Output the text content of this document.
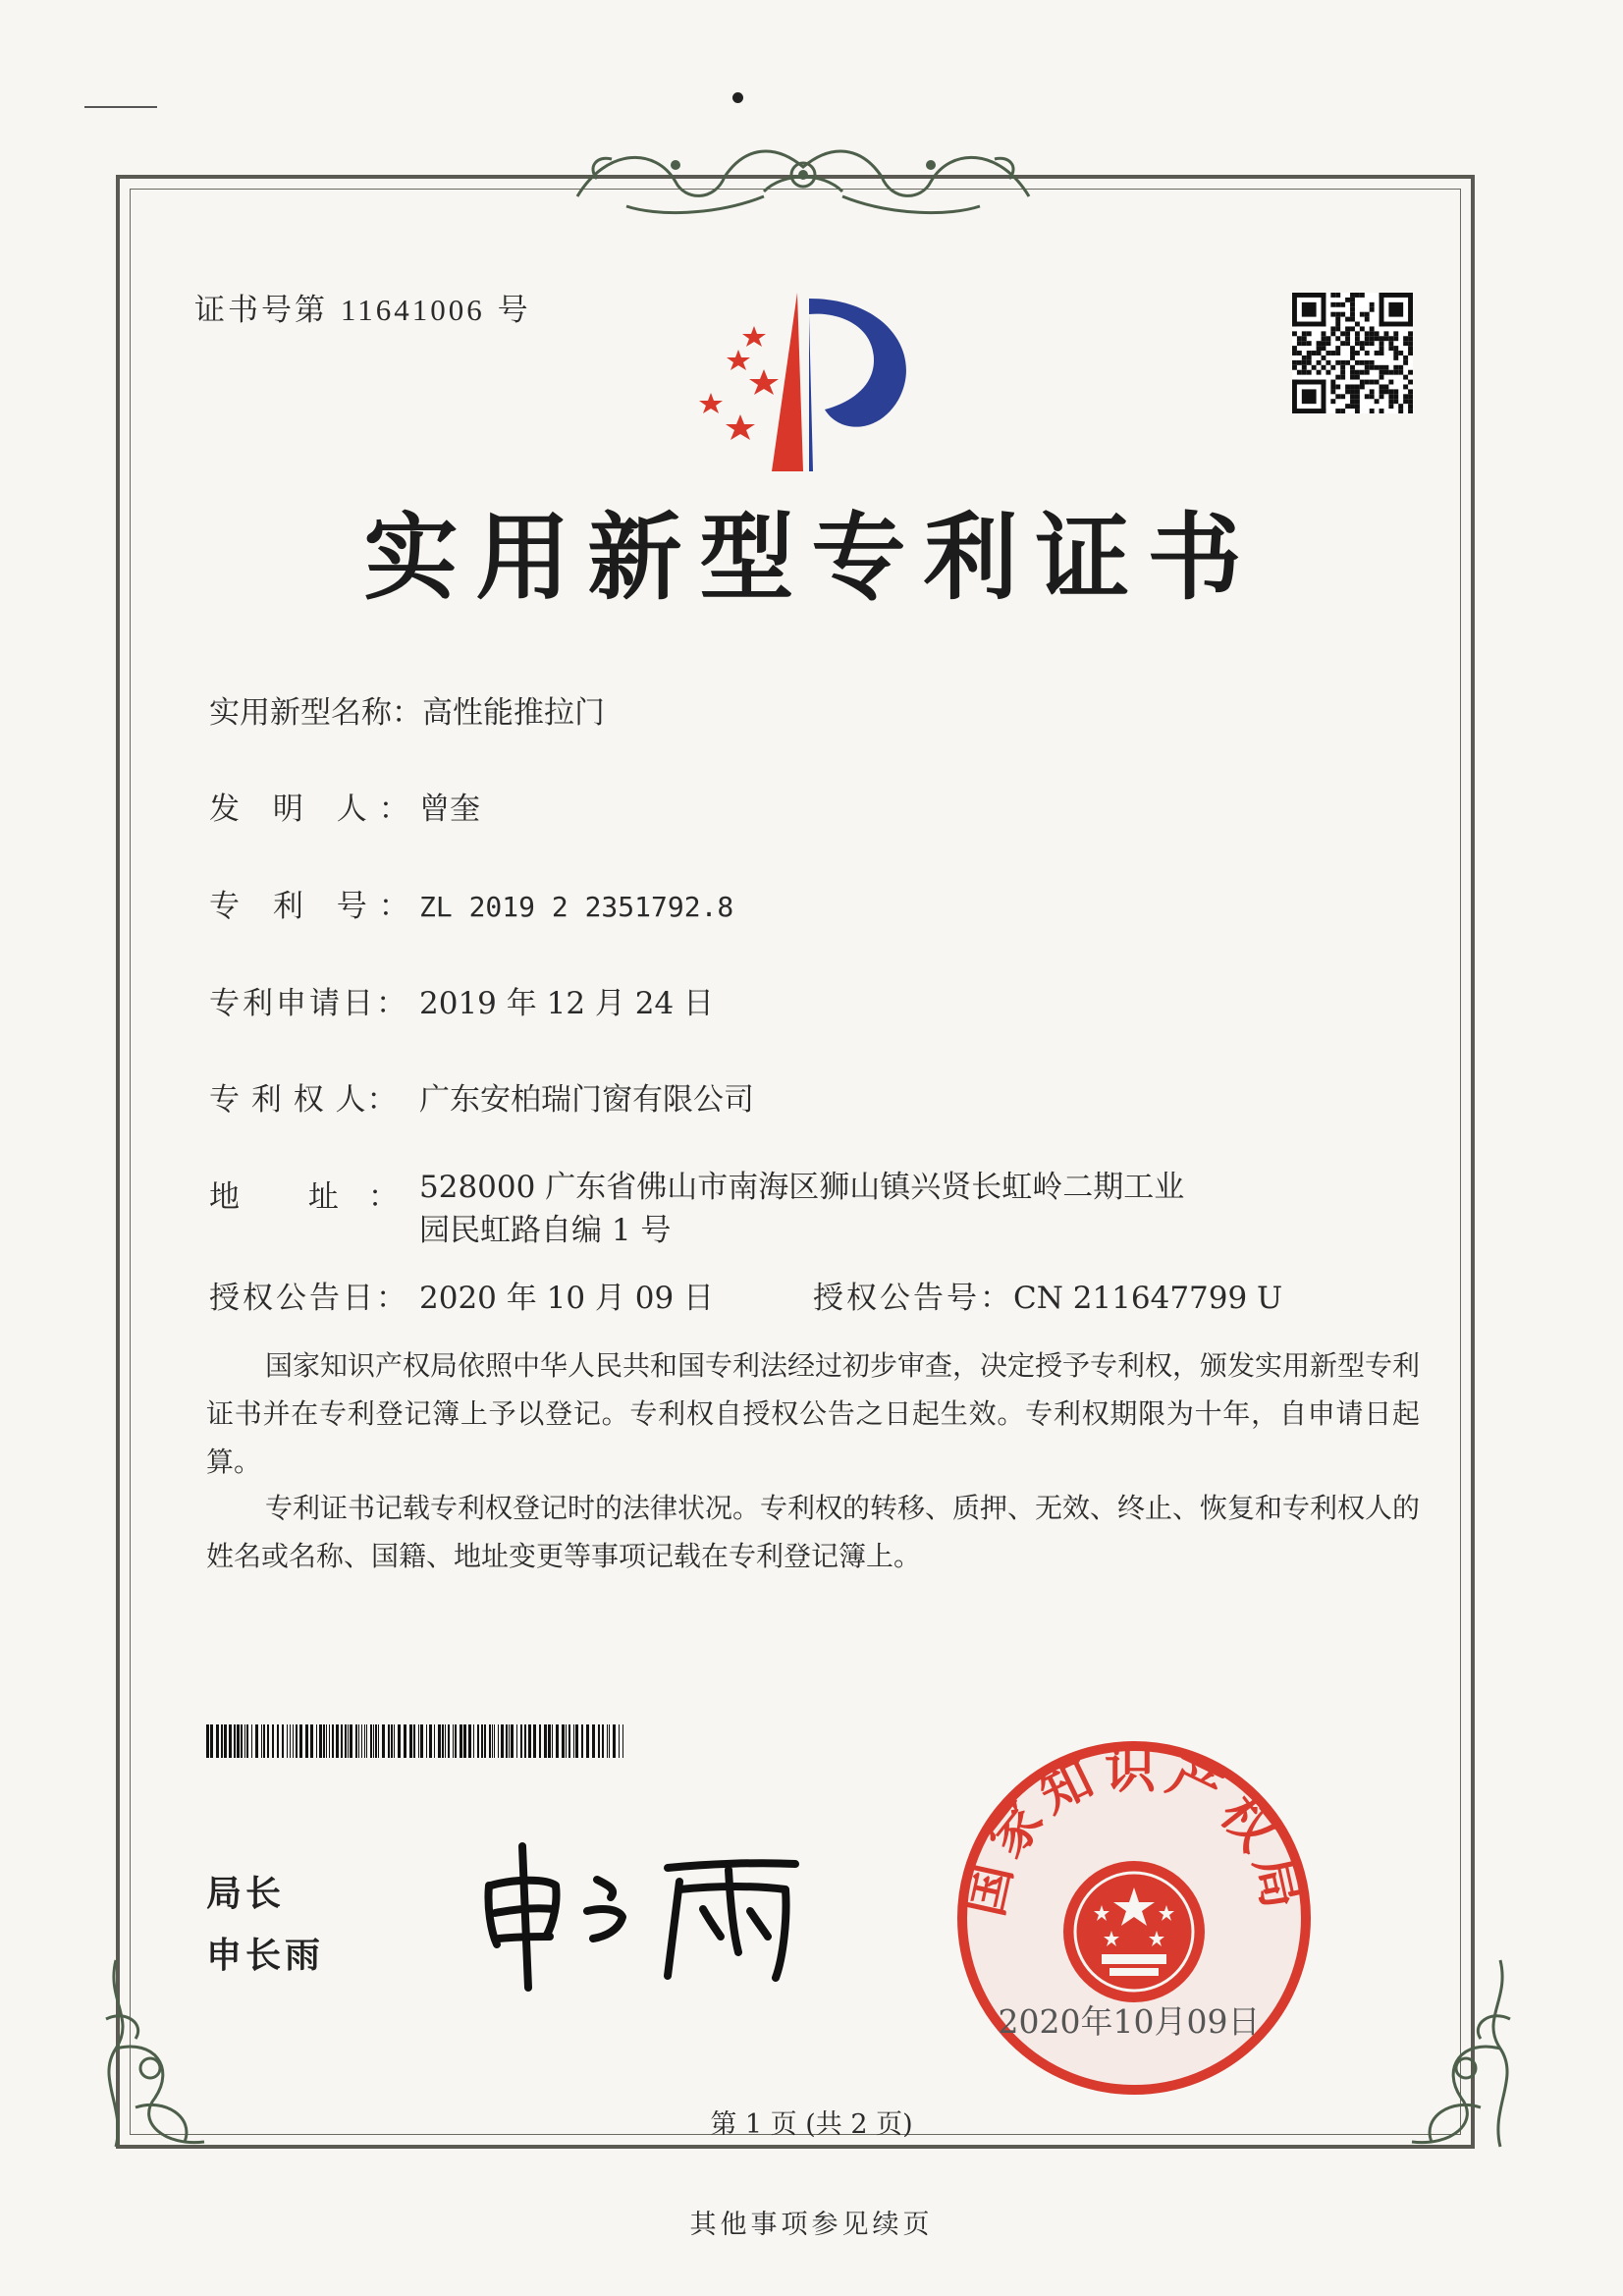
证书号第 11641006 号
实用新型专利证书
实用新型名称：高性能推拉门
发 明 人：曾奎
专 利 号：ZL 2019 2 2351792.8
专利申请日： 2019 年 12 月 24 日
专 利 权 人： 广东安柏瑞门窗有限公司
地 址：528000 广东省佛山市南海区狮山镇兴贤长虹岭二期工业
园民虹路自编 1 号
授权公告日： 2020 年 10 月 09 日	授权公告号：CN 211647799 U
国家知识产权局依照中华人民共和国专利法经过初步审查，决定授予专利权，颁发实用新型专利证书并在专利登记簿上予以登记。专利权自授权公告之日起生效。专利权期限为十年，自申请日起算。
专利证书记载专利权登记时的法律状况。专利权的转移、质押、无效、终止、恢复和专利权人的姓名或名称、国籍、地址变更等事项记载在专利登记簿上。
局长
申长雨
国家知识产权局
2020年10月09日
第 1 页 (共 2 页)
其他事项参见续页
